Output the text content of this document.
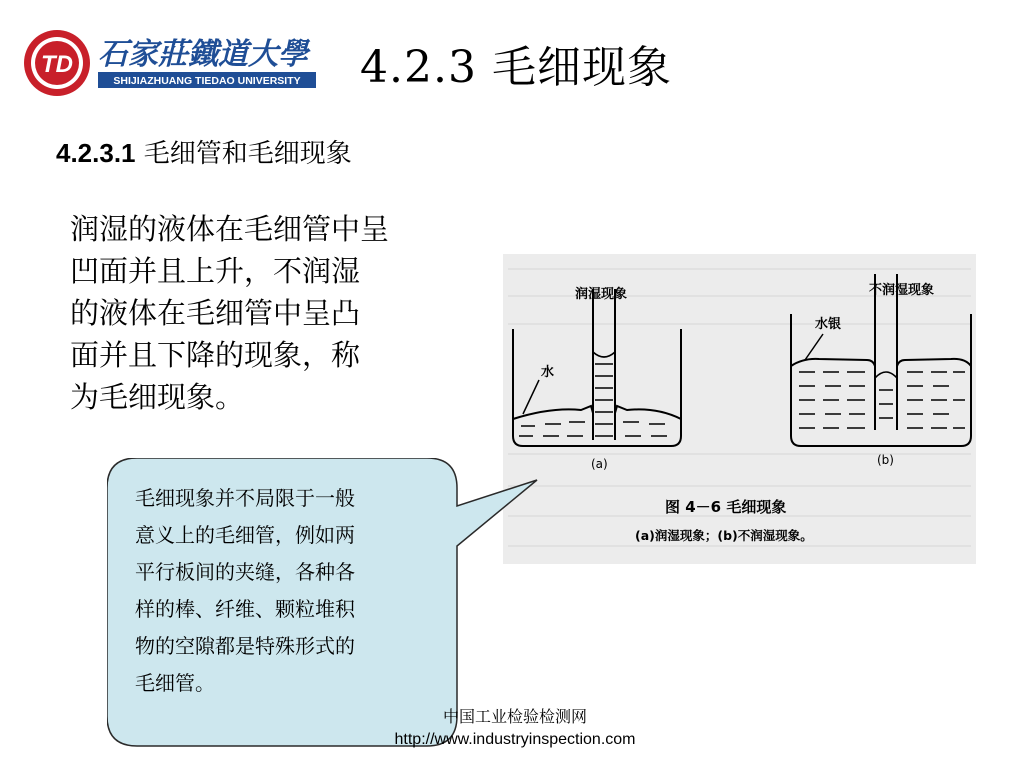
TD 石家莊鐵道大學
SHIJIAZHUANG TIEDAO UNIVERSITY 4.2.3 毛细现象
4.2.3.1 毛细管和毛细现象
润湿的液体在毛细管中呈
凹面并且上升，不润湿
的液体在毛细管中呈凸
面并且下降的现象，称
为毛细现象。
水
润湿现象
(a)
水银
不润湿现象
(b)
图 4－6 毛细现象
(a)润湿现象；(b)不润湿现象。
毛细现象并不局限于一般
意义上的毛细管，例如两
平行板间的夹缝，各种各
样的棒、纤维、颗粒堆积
物的空隙都是特殊形式的
毛细管。
中国工业检验检测网
http://www.industryinspection.com
